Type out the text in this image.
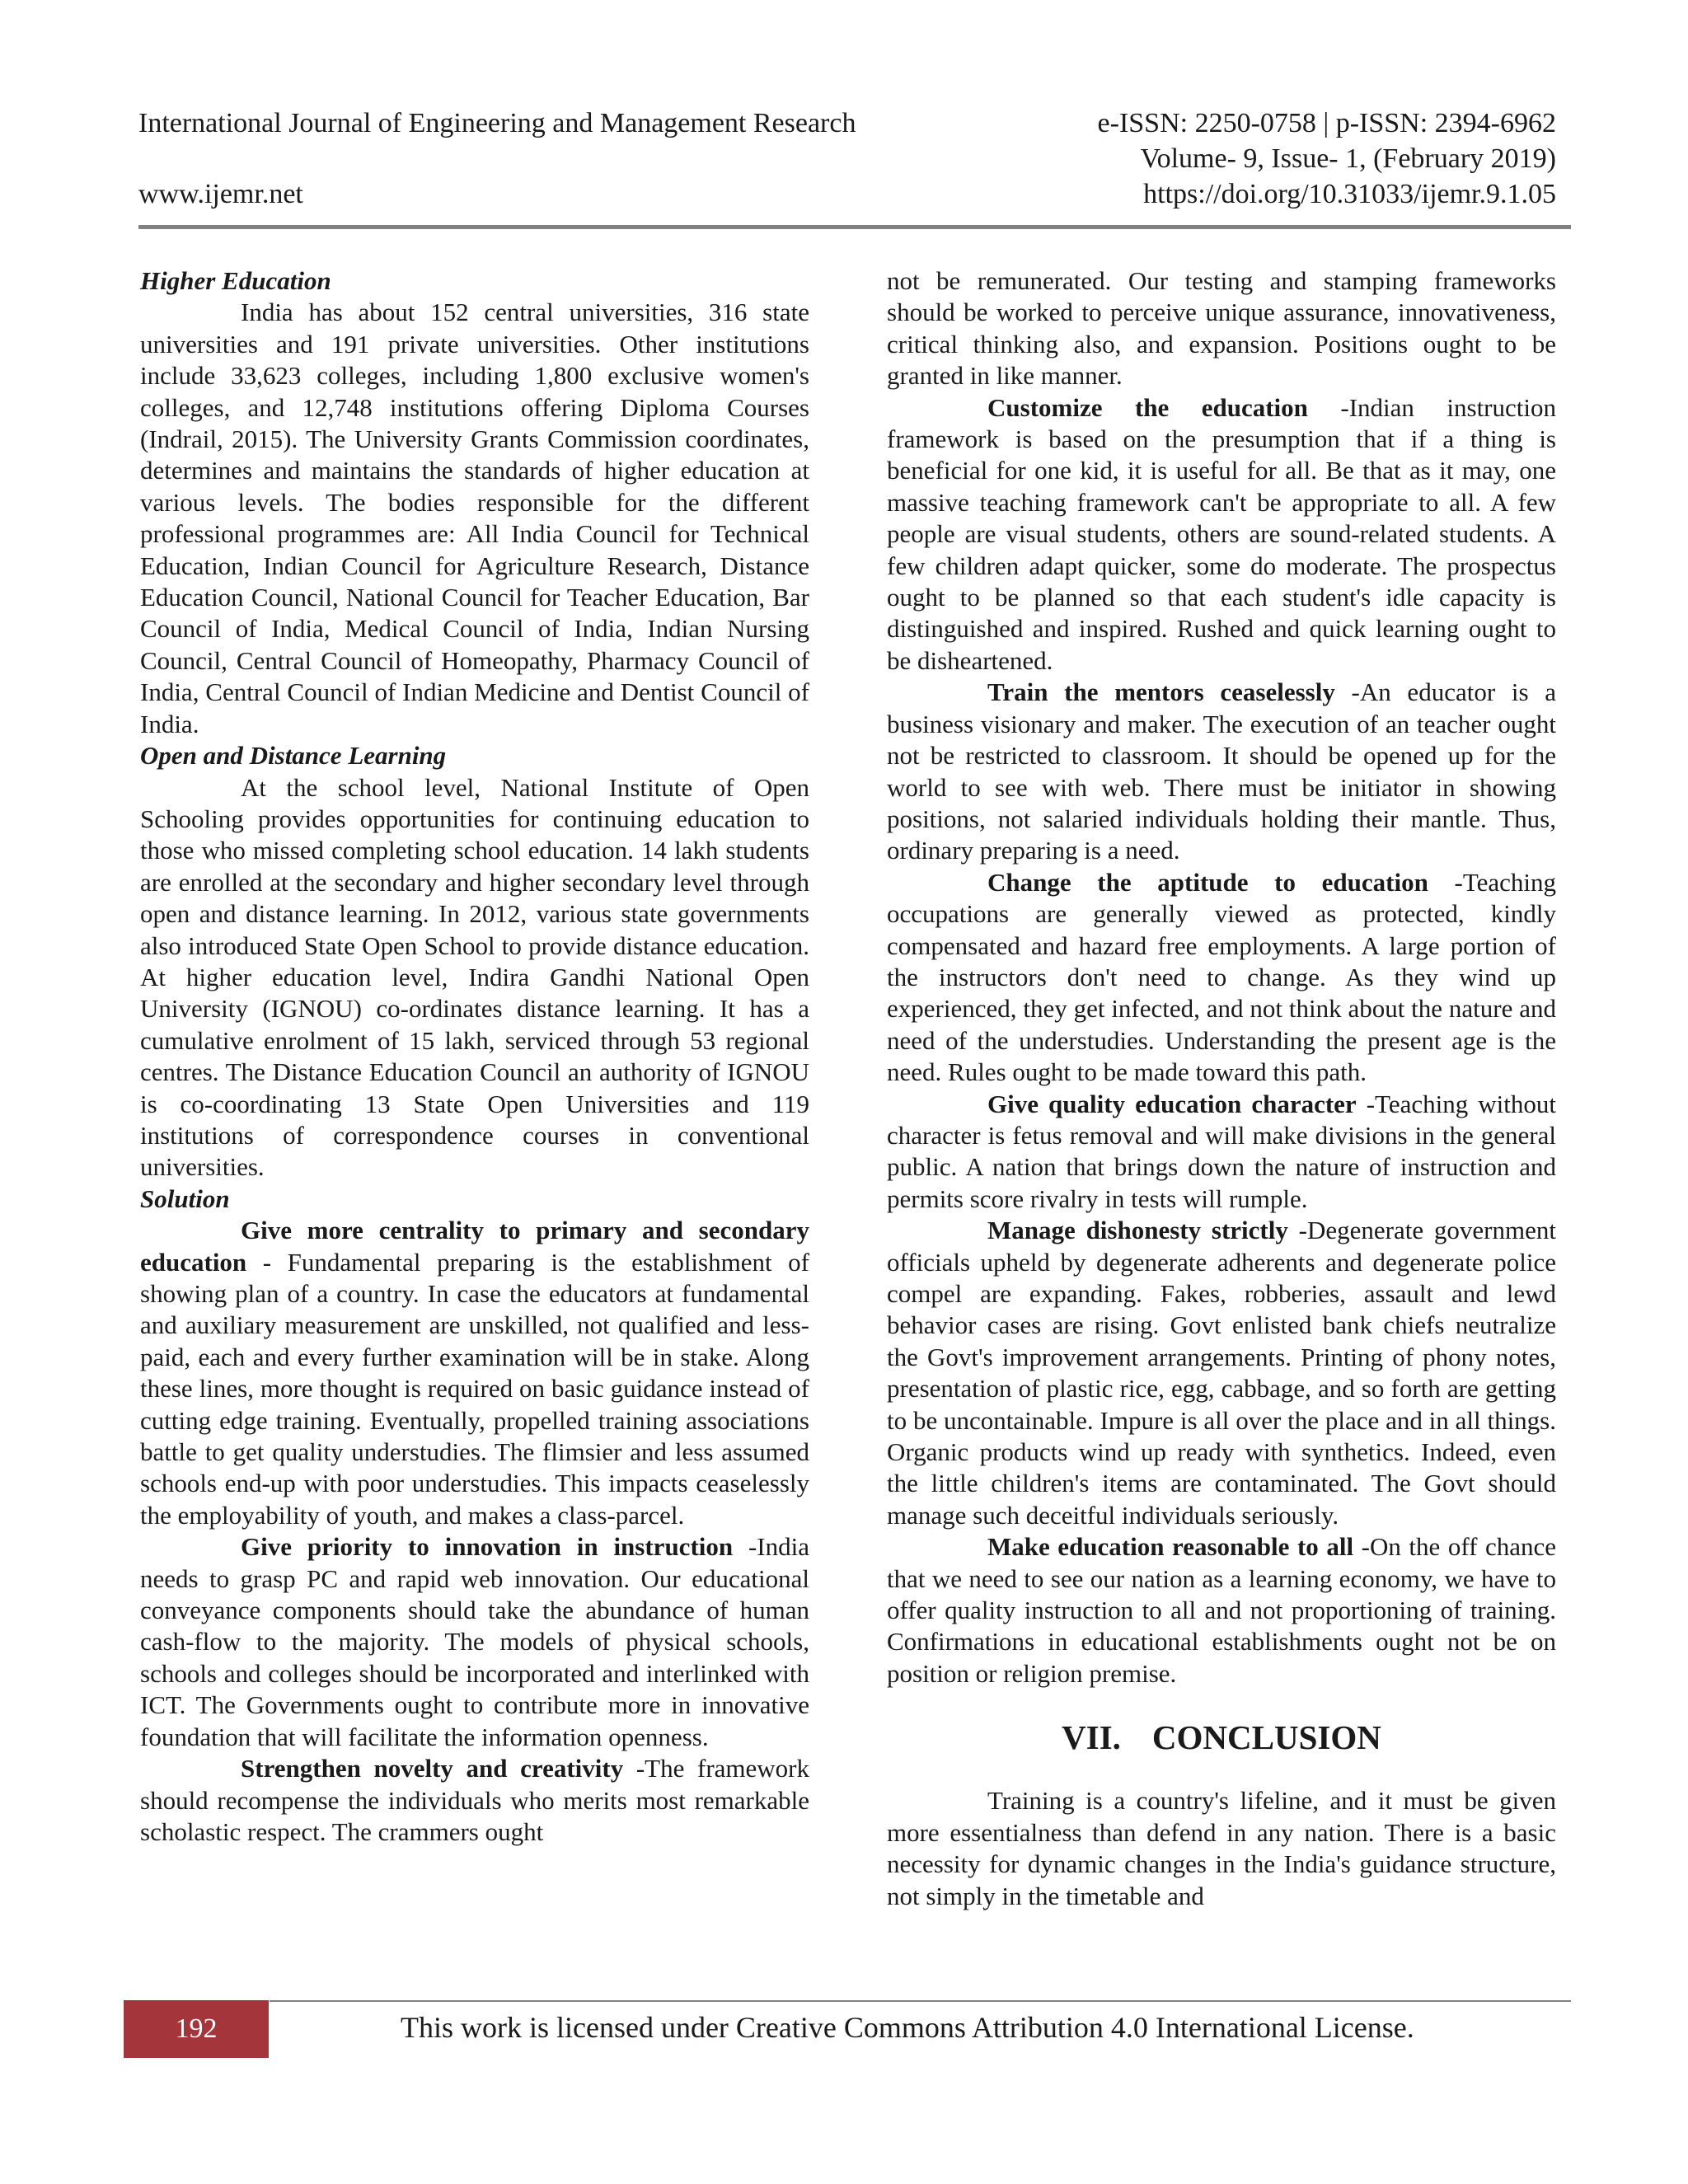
International Journal of Engineering and Management Research	e-ISSN: 2250-0758 | p-ISSN: 2394-6962
Volume- 9, Issue- 1, (February 2019)
www.ijemr.net	https://doi.org/10.31033/ijemr.9.1.05
Higher Education

India has about 152 central universities, 316 state universities and 191 private universities. Other institutions include 33,623 colleges, including 1,800 exclusive women's colleges, and 12,748 institutions offering Diploma Courses (Indrail, 2015). The University Grants Commission coordinates, determines and maintains the standards of higher education at various levels. The bodies responsible for the different professional programmes are: All India Council for Technical Education, Indian Council for Agriculture Research, Distance Education Council, National Council for Teacher Education, Bar Council of India, Medical Council of India, Indian Nursing Council, Central Council of Homeopathy, Pharmacy Council of India, Central Council of Indian Medicine and Dentist Council of India.

Open and Distance Learning

At the school level, National Institute of Open Schooling provides opportunities for continuing education to those who missed completing school education. 14 lakh students are enrolled at the secondary and higher secondary level through open and distance learning. In 2012, various state governments also introduced State Open School to provide distance education. At higher education level, Indira Gandhi National Open University (IGNOU) co-ordinates distance learning. It has a cumulative enrolment of 15 lakh, serviced through 53 regional centres. The Distance Education Council an authority of IGNOU is co-coordinating 13 State Open Universities and 119 institutions of correspondence courses in conventional universities.

Solution

Give more centrality to primary and secondary education - Fundamental preparing is the establishment of showing plan of a country. In case the educators at fundamental and auxiliary measurement are unskilled, not qualified and less-paid, each and every further examination will be in stake. Along these lines, more thought is required on basic guidance instead of cutting edge training. Eventually, propelled training associations battle to get quality understudies. The flimsier and less assumed schools end-up with poor understudies. This impacts ceaselessly the employability of youth, and makes a class-parcel.

Give priority to innovation in instruction -India needs to grasp PC and rapid web innovation. Our educational conveyance components should take the abundance of human cash-flow to the majority. The models of physical schools, schools and colleges should be incorporated and interlinked with ICT. The Governments ought to contribute more in innovative foundation that will facilitate the information openness.

Strengthen novelty and creativity -The framework should recompense the individuals who merits most remarkable scholastic respect. The crammers ought

not be remunerated. Our testing and stamping frameworks should be worked to perceive unique assurance, innovativeness, critical thinking also, and expansion. Positions ought to be granted in like manner.

Customize the education -Indian instruction framework is based on the presumption that if a thing is beneficial for one kid, it is useful for all. Be that as it may, one massive teaching framework can't be appropriate to all. A few people are visual students, others are sound-related students. A few children adapt quicker, some do moderate. The prospectus ought to be planned so that each student's idle capacity is distinguished and inspired. Rushed and quick learning ought to be disheartened.

Train the mentors ceaselessly -An educator is a business visionary and maker. The execution of an teacher ought not be restricted to classroom. It should be opened up for the world to see with web. There must be initiator in showing positions, not salaried individuals holding their mantle. Thus, ordinary preparing is a need.

Change the aptitude to education -Teaching occupations are generally viewed as protected, kindly compensated and hazard free employments. A large portion of the instructors don't need to change. As they wind up experienced, they get infected, and not think about the nature and need of the understudies. Understanding the present age is the need. Rules ought to be made toward this path.

Give quality education character -Teaching without character is fetus removal and will make divisions in the general public. A nation that brings down the nature of instruction and permits score rivalry in tests will rumple.

Manage dishonesty strictly -Degenerate government officials upheld by degenerate adherents and degenerate police compel are expanding. Fakes, robberies, assault and lewd behavior cases are rising. Govt enlisted bank chiefs neutralize the Govt's improvement arrangements. Printing of phony notes, presentation of plastic rice, egg, cabbage, and so forth are getting to be uncontainable. Impure is all over the place and in all things. Organic products wind up ready with synthetics. Indeed, even the little children's items are contaminated. The Govt should manage such deceitful individuals seriously.

Make education reasonable to all -On the off chance that we need to see our nation as a learning economy, we have to offer quality instruction to all and not proportioning of training. Confirmations in educational establishments ought not be on position or religion premise.

VII. CONCLUSION

Training is a country's lifeline, and it must be given more essentialness than defend in any nation. There is a basic necessity for dynamic changes in the India's guidance structure, not simply in the timetable and

192	This work is licensed under Creative Commons Attribution 4.0 International License.
